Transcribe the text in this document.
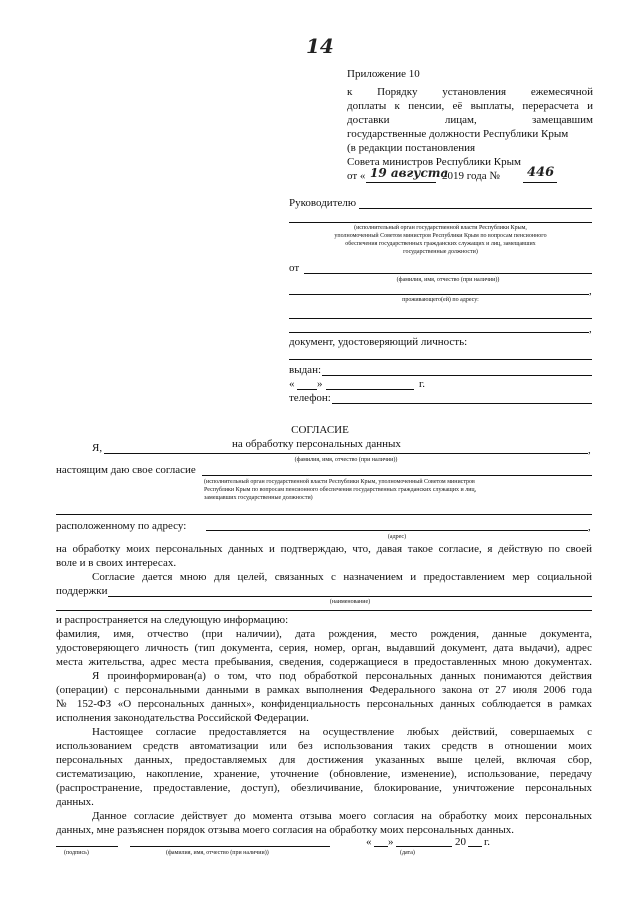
14
Приложение 10
к Порядку установления ежемесячной
доплаты к пенсии, её выплаты, перерасчета и
доставки лицам, замещавшим
государственные должности Республики Крым
(в редакции постановления
Совета министров Республики Крым
от « 19 августа
2019 года № 446
Руководителю
(исполнительный орган государственной власти Республики Крым,
уполномоченный Советом министров Республики Крым по вопросам пенсионного
обеспечения государственных гражданских служащих и лиц, замещавших
государственные должности)
от
(фамилия, имя, отчество (при наличии))
,
проживающего(ей) по адресу:
,
документ, удостоверяющий личность:
выдан:
« »	г.
телефон:
СОГЛАСИЕ
на обработку персональных данных
Я,	,
(фамилия, имя, отчество (при наличии))
настоящим даю свое согласие
(исполнительный орган государственной власти Республики Крым, уполномоченный Советом министров
Республики Крым по вопросам пенсионного обеспечения государственных гражданских служащих и лиц,
замещавших государственные должности)
расположенному по адресу:	,
(адрес)
на обработку моих персональных данных и подтверждаю, что, давая такое согласие, я действую по своей
воле и в своих интересах.
Согласие дается мною для целей, связанных с назначением и предоставлением мер социальной
поддержки
(наименование)
и распространяется на следующую информацию:
фамилия, имя, отчество (при наличии), дата рождения, место рождения, данные документа,
удостоверяющего личность (тип документа, серия, номер, орган, выдавший документ, дата выдачи), адрес
места жительства, адрес места пребывания, сведения, содержащиеся в предоставленных мною документах.
Я проинформирован(а) о том, что под обработкой персональных данных понимаются действия
(операции) с персональными данными в рамках выполнения Федерального закона от 27 июля 2006 года
№ 152-ФЗ «О персональных данных», конфиденциальность персональных данных соблюдается в рамках
исполнения законодательства Российской Федерации.
Настоящее согласие предоставляется на осуществление любых действий, совершаемых с
использованием средств автоматизации или без использования таких средств в отношении моих
персональных данных, предоставляемых для достижения указанных выше целей, включая сбор,
систематизацию, накопление, хранение, уточнение (обновление, изменение), использование, передачу
(распространение, предоставление, доступ), обезличивание, блокирование, уничтожение персональных
данных.
Данное согласие действует до момента отзыва моего согласия на обработку моих персональных
данных, мне разъяснен порядок отзыва моего согласия на обработку моих персональных данных.
« »	20 г.
(подпись)	(фамилия, имя, отчество (при наличии))	(дата)
